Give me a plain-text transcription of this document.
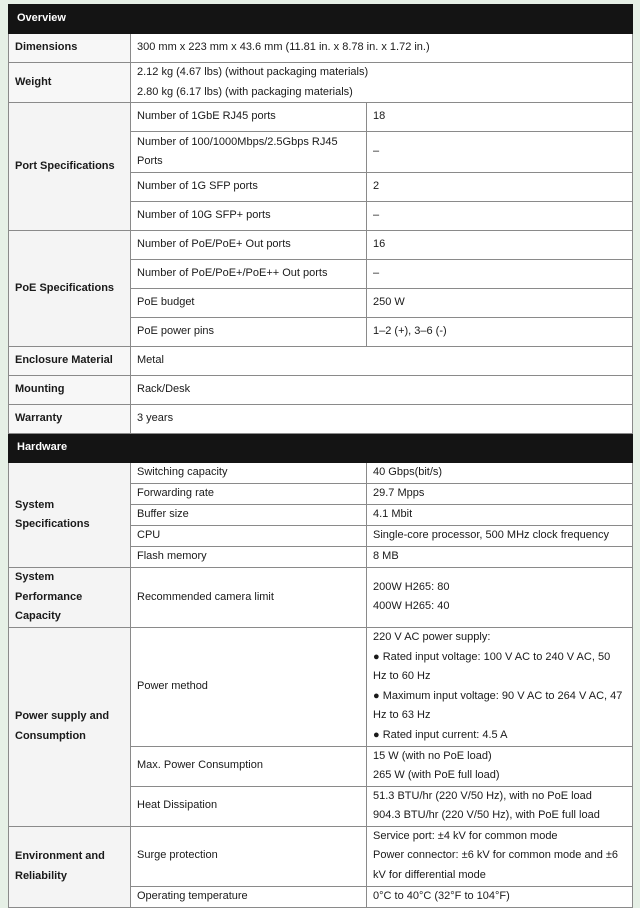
Overview		
Dimensions	300 mm x 223 mm x 43.6 mm (11.81 in. x 8.78 in. x 1.72 in.)	
Weight	2.12 kg (4.67 lbs) (without packaging materials)
2.80 kg (6.17 lbs) (with packaging materials)	

Port Specifications	Number of 1GbE RJ45 ports	18
	Number of 100/1000Mbps/2.5Gbps RJ45 Ports	–
	Number of 1G SFP ports	2
	Number of 10G SFP+ ports	–
PoE Specifications	Number of PoE/PoE+ Out ports	16
	Number of PoE/PoE+/PoE++ Out ports	–
	PoE budget	250 W
	PoE power pins	1–2 (+), 3–6 (-)
Enclosure Material	Metal	
Mounting	Rack/Desk	
Warranty	3 years	
Hardware		
System Specifications	Switching capacity	40 Gbps(bit/s)
	Forwarding rate	29.7 Mpps
	Buffer size	4.1 Mbit
	CPU	Single-core processor, 500 MHz clock frequency
	Flash memory	8 MB
System Performance Capacity	Recommended camera limit	200W H265: 80
400W H265: 40

Power supply and Consumption	Power method	220 V AC power supply:
● Rated input voltage: 100 V AC to 240 V AC, 50 Hz to 60 Hz
● Maximum input voltage: 90 V AC to 264 V AC, 47 Hz to 63 Hz
● Rated input current: 4.5 A

	Max. Power Consumption	15 W (with no PoE load)
265 W (with PoE full load)

	Heat Dissipation	51.3 BTU/hr (220 V/50 Hz), with no PoE load
904.3 BTU/hr (220 V/50 Hz), with PoE full load

Environment and Reliability	Surge protection	Service port: ±4 kV for common mode
Power connector: ±6 kV for common mode and ±6 kV for differential mode

	Operating temperature	0°C to 40°C (32°F to 104°F)
